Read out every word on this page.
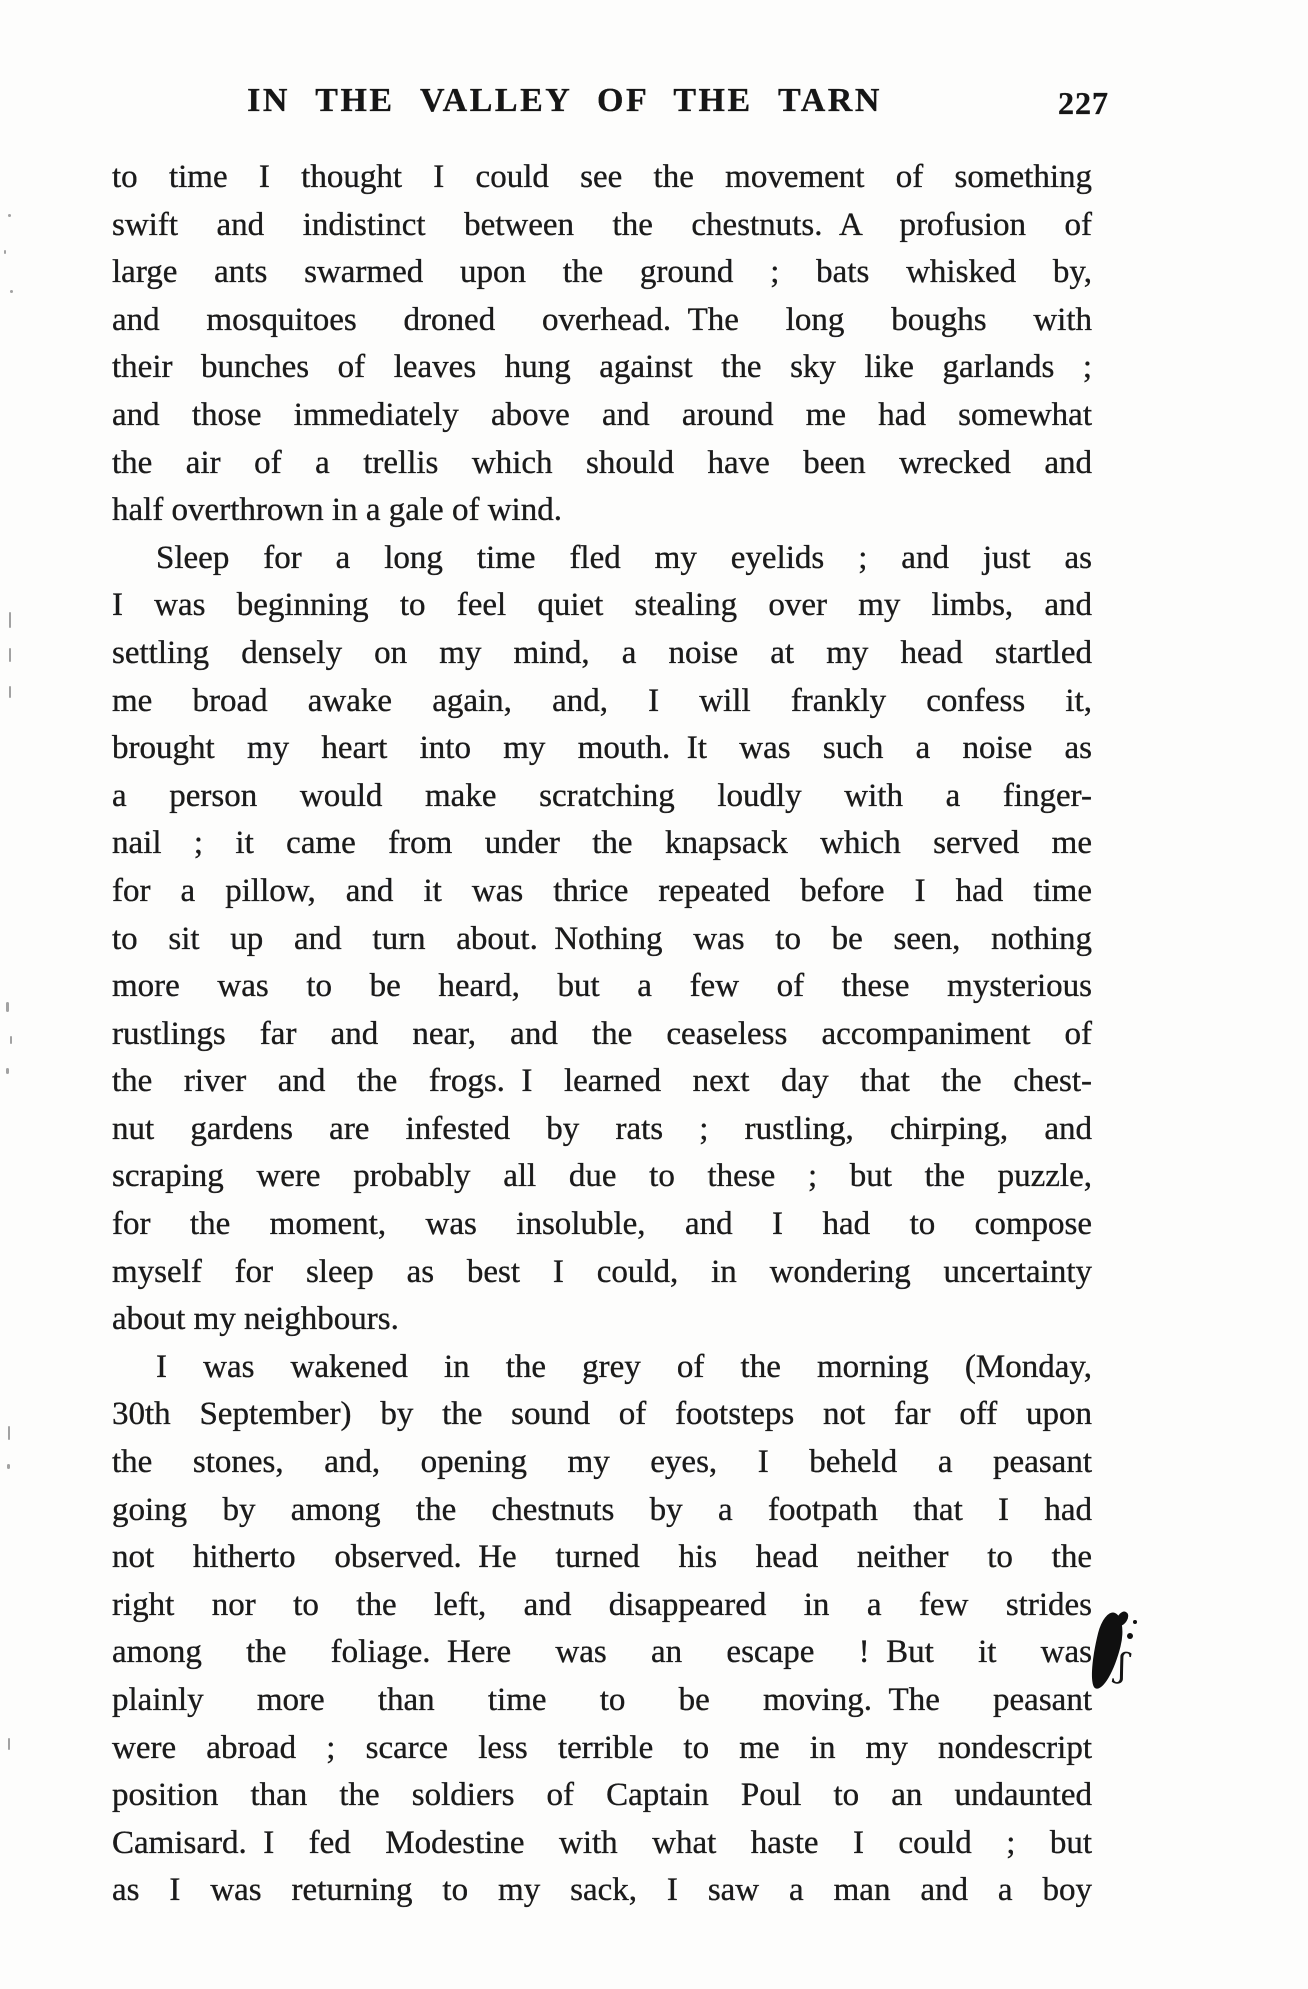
IN THE VALLEY OF THE TARN	227
to time I thought I could see the movement of something
swift and indistinct between the chestnuts. A profusion of
large ants swarmed upon the ground ; bats whisked by,
and mosquitoes droned overhead. The long boughs with
their bunches of leaves hung against the sky like garlands ;
and those immediately above and around me had somewhat
the air of a trellis which should have been wrecked and
half overthrown in a gale of wind.
Sleep for a long time fled my eyelids ; and just as
I was beginning to feel quiet stealing over my limbs, and
settling densely on my mind, a noise at my head startled
me broad awake again, and, I will frankly confess it,
brought my heart into my mouth. It was such a noise as
a person would make scratching loudly with a finger-
nail ; it came from under the knapsack which served me
for a pillow, and it was thrice repeated before I had time
to sit up and turn about. Nothing was to be seen, nothing
more was to be heard, but a few of these mysterious
rustlings far and near, and the ceaseless accompaniment of
the river and the frogs. I learned next day that the chest-
nut gardens are infested by rats ; rustling, chirping, and
scraping were probably all due to these ; but the puzzle,
for the moment, was insoluble, and I had to compose
myself for sleep as best I could, in wondering uncertainty
about my neighbours.
I was wakened in the grey of the morning (Monday,
30th September) by the sound of footsteps not far off upon
the stones, and, opening my eyes, I beheld a peasant
going by among the chestnuts by a footpath that I had
not hitherto observed. He turned his head neither to the
right nor to the left, and disappeared in a few strides
among the foliage. Here was an escape ! But it was
plainly more than time to be moving. The peasant
were abroad ; scarce less terrible to me in my nondescript
position than the soldiers of Captain Poul to an undaunted
Camisard. I fed Modestine with what haste I could ; but
as I was returning to my sack, I saw a man and a boy
ʃ
